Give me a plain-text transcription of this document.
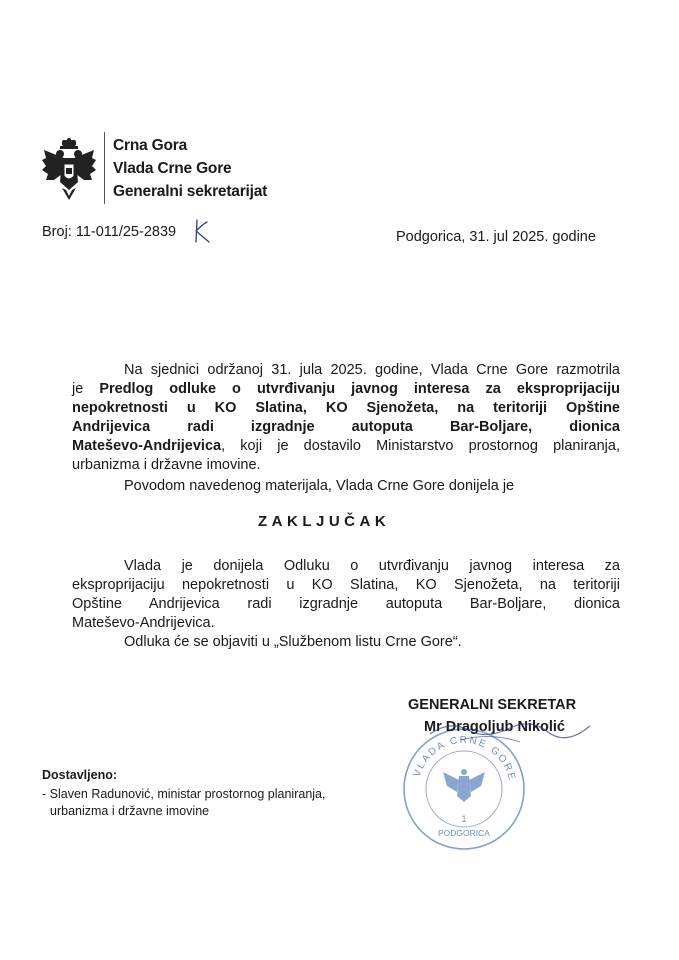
Crna Gora
Vlada Crne Gore
Generalni sekretarijat
Broj: 11-011/25-2839	Podgorica, 31. jul 2025. godine
Na sjednici održanoj 31. jula 2025. godine, Vlada Crne Gore razmotrila
je Predlog odluke o utvrđivanju javnog interesa za eksproprijaciju
nepokretnosti u KO Slatina, KO Sjenožeta, na teritoriji Opštine
Andrijevica radi izgradnje autoputa Bar-Boljare, dionica
Matešev​o-Andrijevica, koji je dostavilo Ministarstvo prostornog planiranja,
urbanizma i državne imovine.
Povodom navedenog materijala, Vlada Crne Gore donijela je
ZAKLJUČAK
Vlada je donijela Odluku o utvrđivanju javnog interesa za
eksproprijaciju nepokretnosti u KO Slatina, KO Sjenožeta, na teritoriji
Opštine Andrijevica radi izgradnje autoputa Bar-Boljare, dionica
Matešev​o-Andrijevica.
Odluka će se objaviti u „Službenom listu Crne Gore“.
VLADA CRNE GORE
1
PODGORICA
GENERALNI SEKRETAR
Mr Dragoljub Nikolić
Dostavljeno:
- Slaven Radunović, ministar prostornog planiranja,
urbanizma i državne imovine
